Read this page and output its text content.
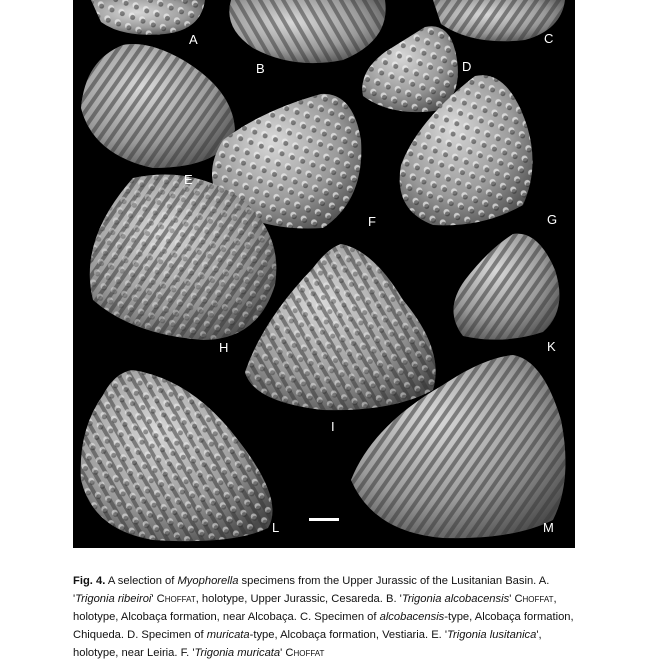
A
B
C
D
E
F	G
H
I
K
L	M
Fig. 4. A selection of Myophorella specimens from the Upper Jurassic of the Lusitanian Basin. A. 'Trigonia ribeiroi' Choffat, holotype, Upper Jurassic, Cesareda. B. 'Trigonia alcobacensis' Choffat, holotype, Alcobaça formation, near Alcobaça. C. Specimen of alcobacensis-type, Alcobaça formation, Chiqueda. D. Specimen of muricata-type, Alcobaça formation, Vestiaria. E. 'Trigonia lusitanica', holotype, near Leiria. F. 'Trigonia muricata' Choffat
